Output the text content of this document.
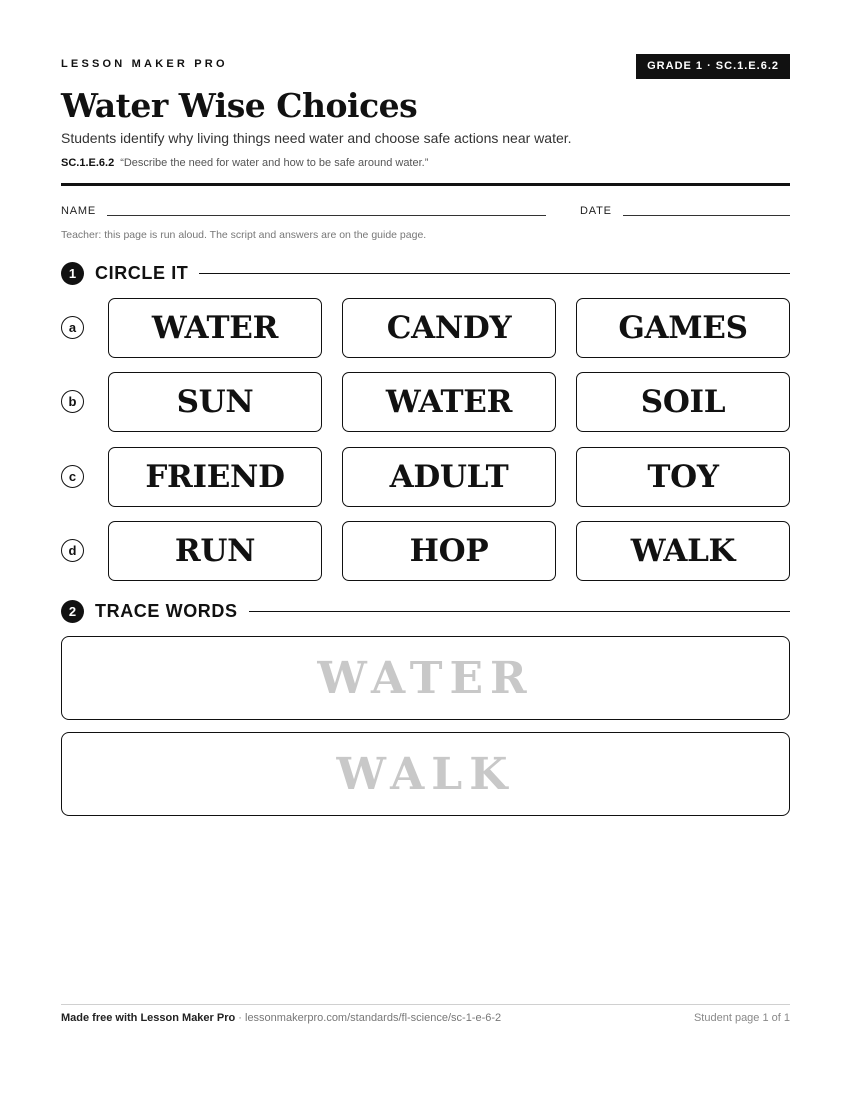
LESSON MAKER PRO	GRADE 1 · SC.1.E.6.2
Water Wise Choices
Students identify why living things need water and choose safe actions near water.
SC.1.E.6.2 “Describe the need for water and how to be safe around water.”
NAME	DATE
Teacher: this page is run aloud. The script and answers are on the guide page.
1	CIRCLE IT
a	WATER	CANDY	GAMES
b	SUN	WATER	SOIL
c	FRIEND	ADULT	TOY
d	RUN	HOP	WALK
2	TRACE WORDS
WATER
WALK
Made free with Lesson Maker Pro · lessonmakerpro.com/standards/fl-science/sc-1-e-6-2	Student page 1 of 1
